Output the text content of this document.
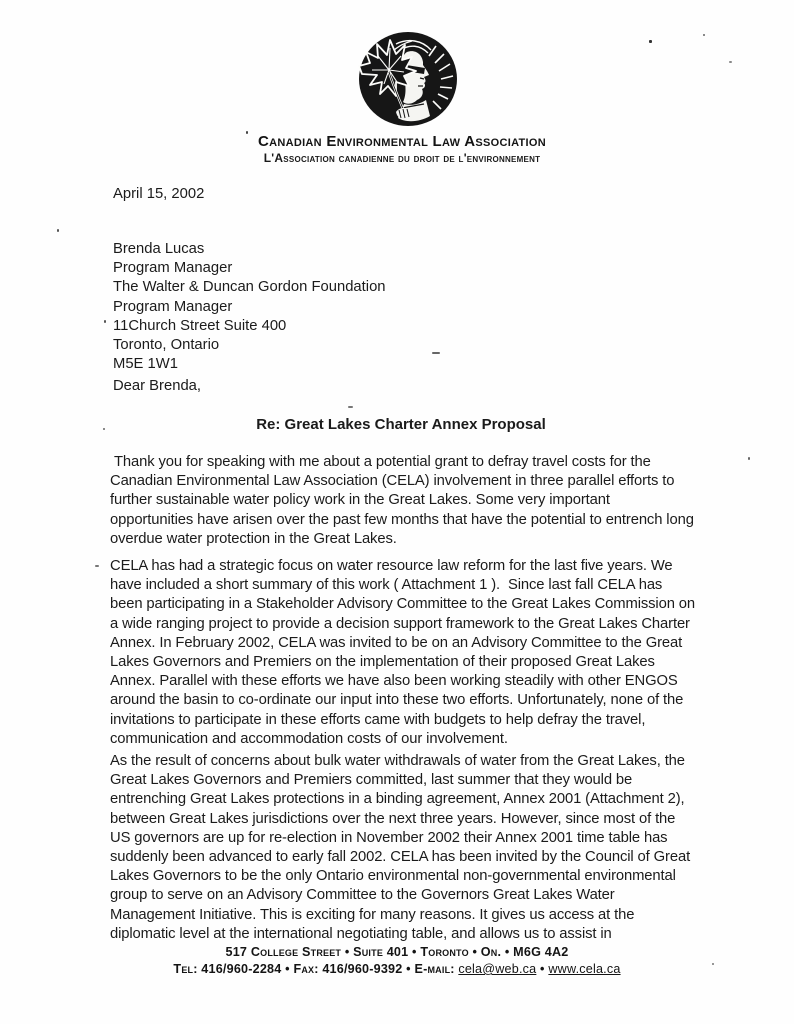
Canadian Environmental Law Association
L'Association canadienne du droit de l'environnement
April 15, 2002
Brenda Lucas
Program Manager
The Walter & Duncan Gordon Foundation
Program Manager
11Church Street Suite 400
Toronto, Ontario
M5E 1W1
Dear Brenda,
Re: Great Lakes Charter Annex Proposal

Thank you for speaking with me about a potential grant to defray travel costs for the Canadian Environmental Law Association (CELA) involvement in three parallel efforts to further sustainable water policy work in the Great Lakes. Some very important opportunities have arisen over the past few months that have the potential to entrench long overdue water protection in the Great Lakes.

CELA has had a strategic focus on water resource law reform for the last five years. We have included a short summary of this work ( Attachment 1 ).  Since last fall CELA has been participating in a Stakeholder Advisory Committee to the Great Lakes Commission on a wide ranging project to provide a decision support framework to the Great Lakes Charter Annex. In February 2002, CELA was invited to be on an Advisory Committee to the Great Lakes Governors and Premiers on the implementation of their proposed Great Lakes Annex. Parallel with these efforts we have also been working steadily with other ENGOS around the basin to co-ordinate our input into these two efforts. Unfortunately, none of the invitations to participate in these efforts came with budgets to help defray the travel, communication and accommodation costs of our involvement.

As the result of concerns about bulk water withdrawals of water from the Great Lakes, the Great Lakes Governors and Premiers committed, last summer that they would be entrenching Great Lakes protections in a binding agreement, Annex 2001 (Attachment 2), between Great Lakes jurisdictions over the next three years. However, since most of the US governors are up for re-election in November 2002 their Annex 2001 time table has suddenly been advanced to early fall 2002. CELA has been invited by the Council of Great Lakes Governors to be the only Ontario environmental non-governmental environmental group to serve on an Advisory Committee to the Governors Great Lakes Water Management Initiative. This is exciting for many reasons. It gives us access at the diplomatic level at the international negotiating table, and allows us to assist in

517 College Street • Suite 401 • Toronto • On. • M6G 4A2
Tel: 416/960-2284 • Fax: 416/960-9392 • E-mail: cela@web.ca • www.cela.ca
